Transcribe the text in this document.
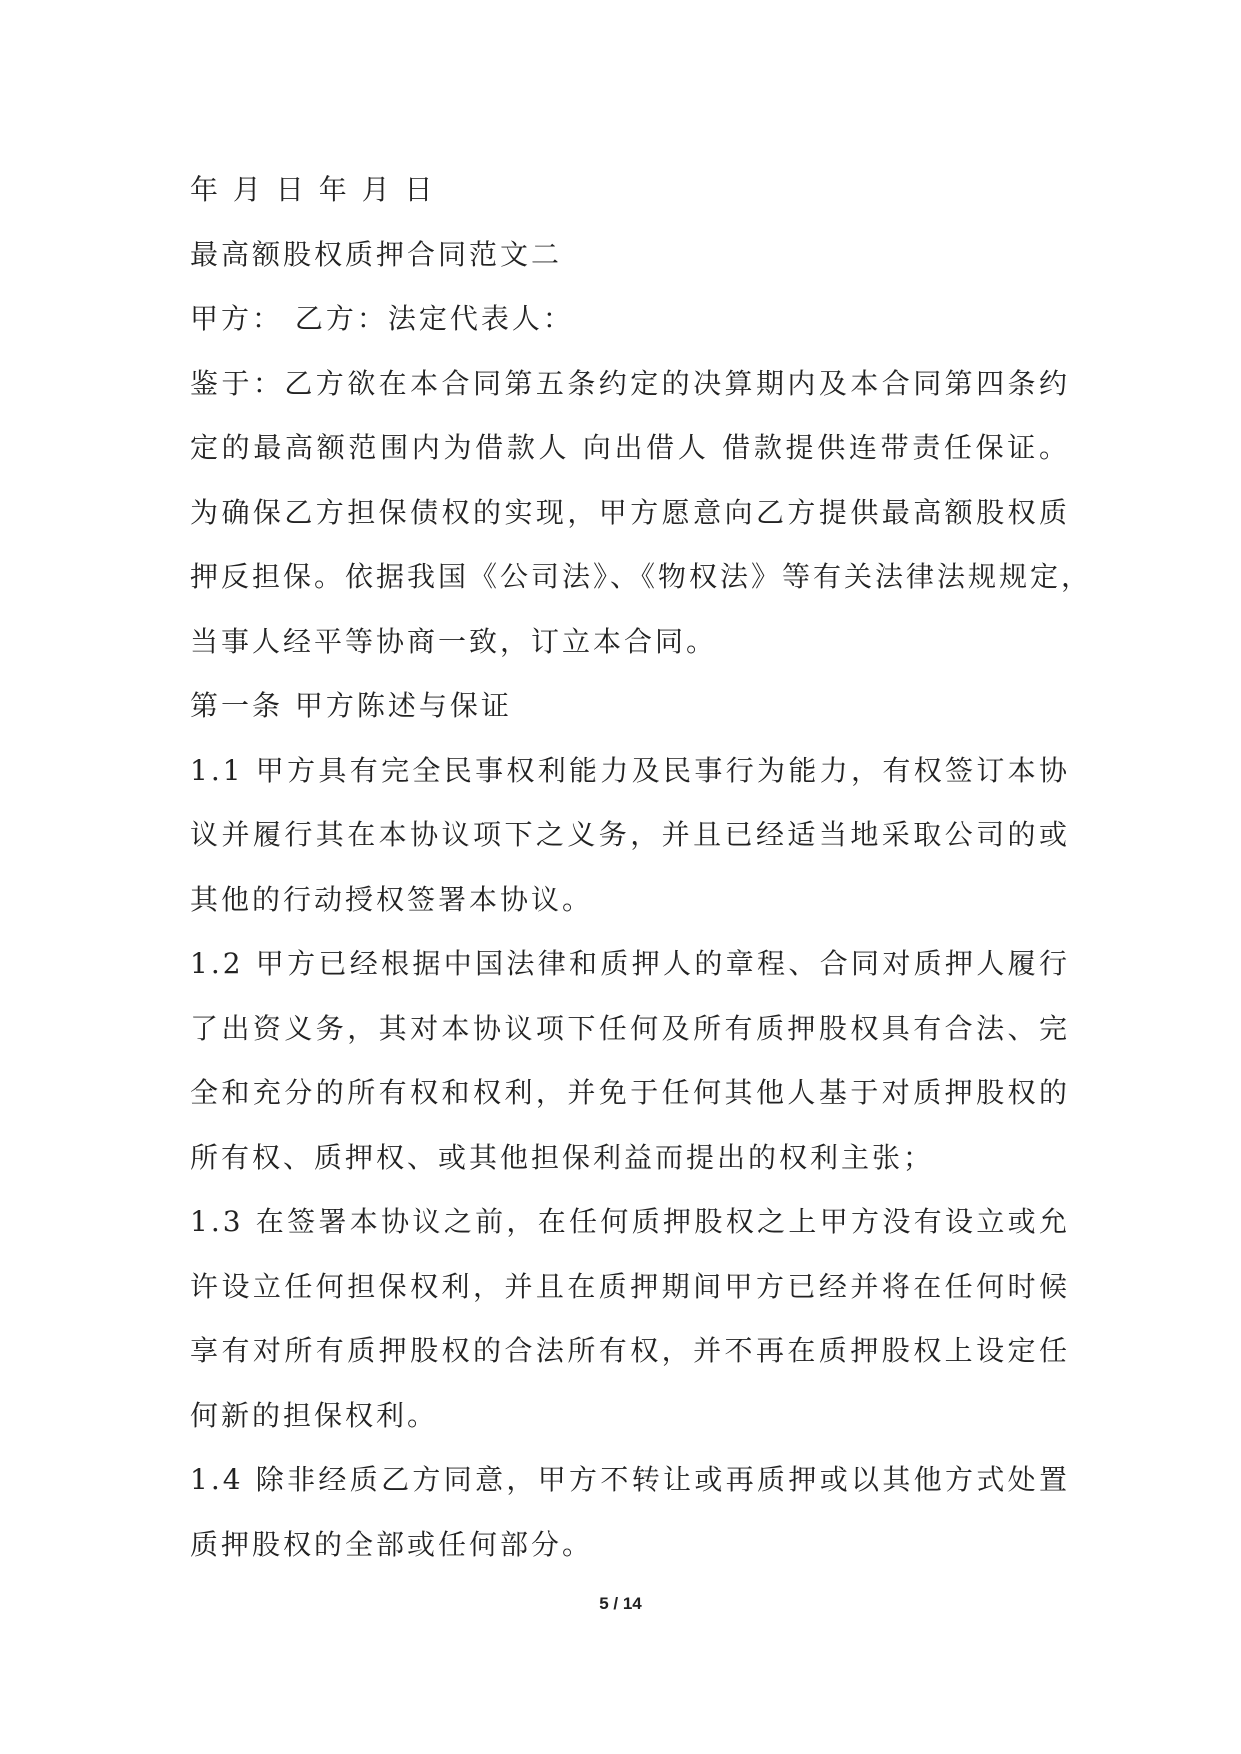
年 月 日 年 月 日
最高额股权质押合同范文二
甲方： 乙方：法定代表人：
鉴于：乙方欲在本合同第五条约定的决算期内及本合同第四条约
定的最高额范围内为借款人 向出借人 借款提供连带责任保证。
为确保乙方担保债权的实现，甲方愿意向乙方提供最高额股权质
押反担保。依据我国《公司法》、《物权法》等有关法律法规规定，
当事人经平等协商一致，订立本合同。
第一条 甲方陈述与保证
1.1 甲方具有完全民事权利能力及民事行为能力，有权签订本协
议并履行其在本协议项下之义务，并且已经适当地采取公司的或
其他的行动授权签署本协议。
1.2 甲方已经根据中国法律和质押人的章程、合同对质押人履行
了出资义务，其对本协议项下任何及所有质押股权具有合法、完
全和充分的所有权和权利，并免于任何其他人基于对质押股权的
所有权、质押权、或其他担保利益而提出的权利主张；
1.3 在签署本协议之前，在任何质押股权之上甲方没有设立或允
许设立任何担保权利，并且在质押期间甲方已经并将在任何时候
享有对所有质押股权的合法所有权，并不再在质押股权上设定任
何新的担保权利。
1.4 除非经质乙方同意，甲方不转让或再质押或以其他方式处置
质押股权的全部或任何部分。
5 / 14
